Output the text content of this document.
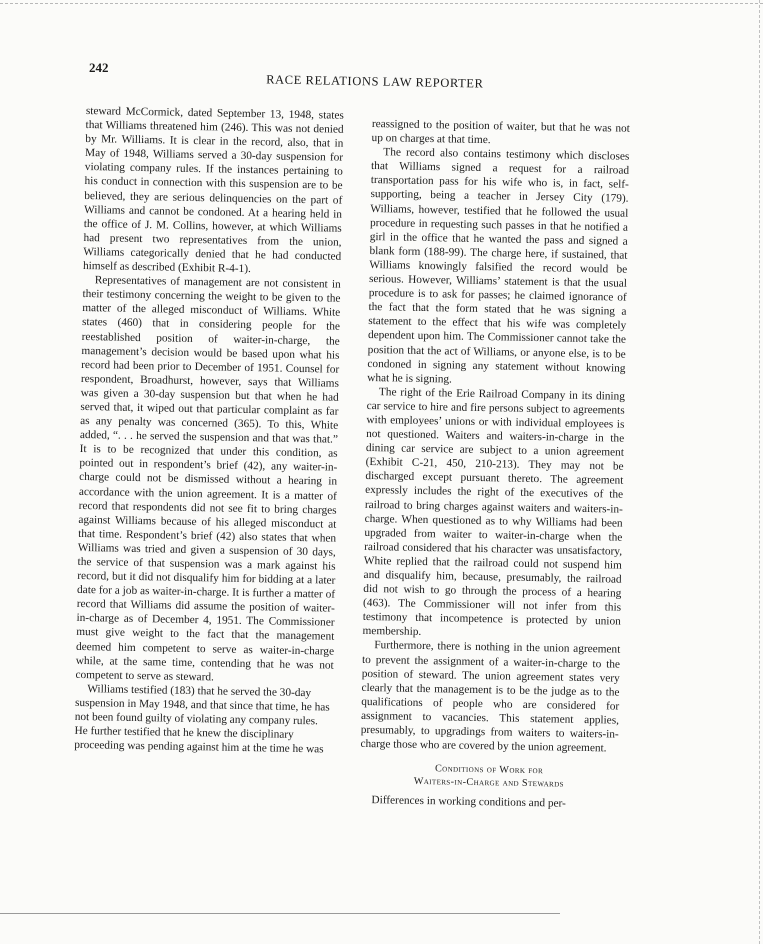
242
RACE RELATIONS LAW REPORTER

steward McCormick, dated September 13, 1948, states that Williams threatened him (246). This was not denied by Mr. Williams. It is clear in the record, also, that in May of 1948, Williams served a 30-day suspension for violating company rules. If the instances pertaining to his conduct in connection with this suspension are to be believed, they are serious delinquencies on the part of Williams and cannot be condoned. At a hearing held in the office of J. M. Collins, however, at which Williams had present two representatives from the union, Williams categorically denied that he had conducted himself as described (Exhibit R-4-1).

Representatives of management are not consistent in their testimony concerning the weight to be given to the matter of the alleged misconduct of Williams. White states (460) that in considering people for the reestablished position of waiter-in-charge, the management’s decision would be based upon what his record had been prior to December of 1951. Counsel for respondent, Broadhurst, however, says that Williams was given a 30-day suspension but that when he had served that, it wiped out that particular complaint as far as any penalty was concerned (365). To this, White added, “. . . he served the suspension and that was that.” It is to be recognized that under this condition, as pointed out in respondent’s brief (42), any waiter-in-charge could not be dismissed without a hearing in accordance with the union agreement. It is a matter of record that respondents did not see fit to bring charges against Williams because of his alleged misconduct at that time. Respondent’s brief (42) also states that when Williams was tried and given a suspension of 30 days, the service of that suspension was a mark against his record, but it did not disqualify him for bidding at a later date for a job as waiter-in-charge. It is further a matter of record that Williams did assume the position of waiter-in-charge as of December 4, 1951. The Commissioner must give weight to the fact that the management deemed him competent to serve as waiter-in-charge while, at the same time, contending that he was not competent to serve as steward.

Williams testified (183) that he served the 30-day suspension in May 1948, and that since that time, he has not been found guilty of violating any company rules. He further testified that he knew the disciplinary proceeding was pending against him at the time he was

reassigned to the position of waiter, but that he was not up on charges at that time.

The record also contains testimony which discloses that Williams signed a request for a railroad transportation pass for his wife who is, in fact, self-supporting, being a teacher in Jersey City (179). Williams, however, testified that he followed the usual procedure in requesting such passes in that he notified a girl in the office that he wanted the pass and signed a blank form (188-99). The charge here, if sustained, that Williams knowingly falsified the record would be serious. However, Williams’ statement is that the usual procedure is to ask for passes; he claimed ignorance of the fact that the form stated that he was signing a statement to the effect that his wife was completely dependent upon him. The Commissioner cannot take the position that the act of Williams, or anyone else, is to be condoned in signing any statement without knowing what he is signing.

The right of the Erie Railroad Company in its dining car service to hire and fire persons subject to agreements with employees’ unions or with individual employees is not questioned. Waiters and waiters-in-charge in the dining car service are subject to a union agreement (Exhibit C-21, 450, 210-213). They may not be discharged except pursuant thereto. The agreement expressly includes the right of the executives of the railroad to bring charges against waiters and waiters-in-charge. When questioned as to why Williams had been upgraded from waiter to waiter-in-charge when the railroad considered that his character was unsatisfactory, White replied that the railroad could not suspend him and disqualify him, because, presumably, the railroad did not wish to go through the process of a hearing (463). The Commissioner will not infer from this testimony that incompetence is protected by union membership.

Furthermore, there is nothing in the union agreement to prevent the assignment of a waiter-in-charge to the position of steward. The union agreement states very clearly that the management is to be the judge as to the qualifications of people who are considered for assignment to vacancies. This statement applies, presumably, to upgradings from waiters to waiters-in-charge those who are covered by the union agreement.

Conditions of Work for
Waiters-in-Charge and Stewards

Differences in working conditions and per-
